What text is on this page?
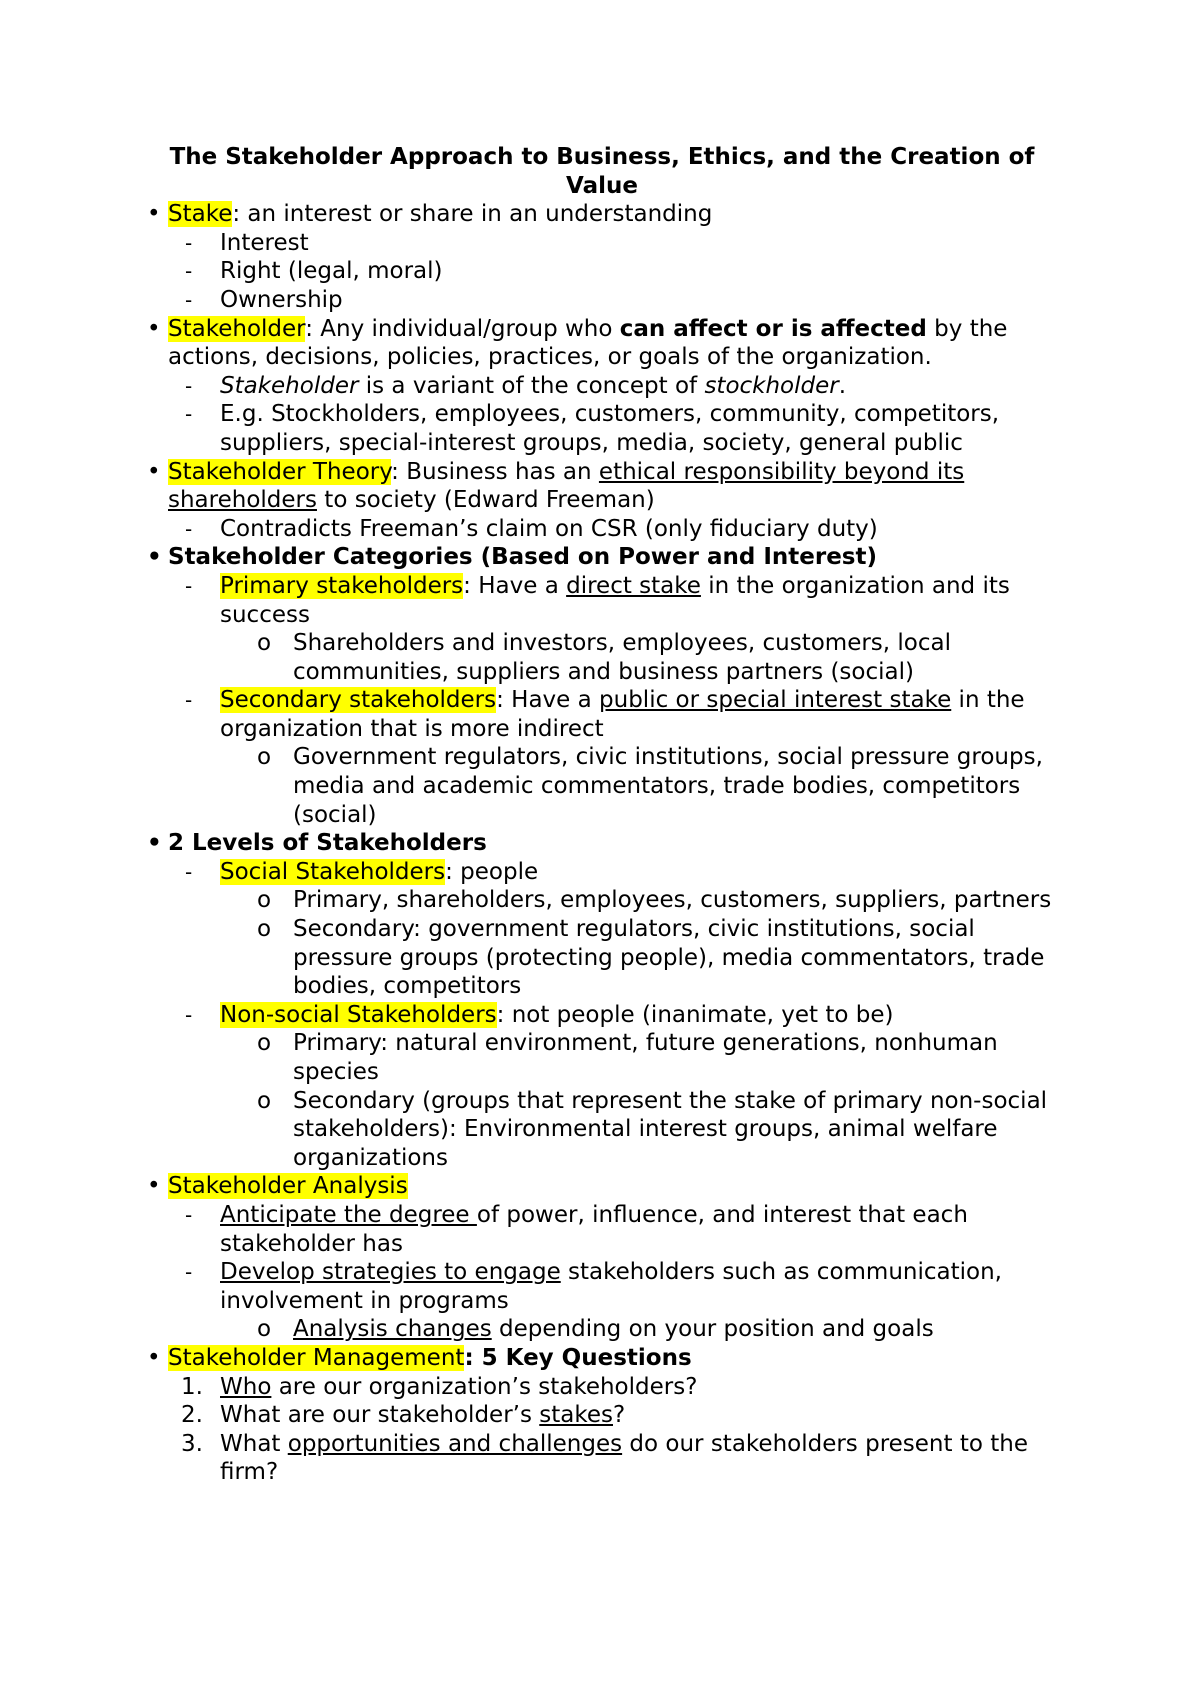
The Stakeholder Approach to Business, Ethics, and the Creation of Value

• Stake: an interest or share in an understanding

- Interest

- Right (legal, moral)

- Ownership

• Stakeholder: Any individual/group who can affect or is affected by the actions, decisions, policies, practices, or goals of the organization.

- Stakeholder is a variant of the concept of stockholder.

- E.g. Stockholders, employees, customers, community, competitors, suppliers, special-interest groups, media, society, general public

• Stakeholder Theory: Business has an ethical responsibility beyond its shareholders to society (Edward Freeman)

- Contradicts Freeman’s claim on CSR (only fiduciary duty)

• Stakeholder Categories (Based on Power and Interest)

- Primary stakeholders: Have a direct stake in the organization and its success

o Shareholders and investors, employees, customers, local communities, suppliers and business partners (social)

- Secondary stakeholders: Have a public or special interest stake in the organization that is more indirect

o Government regulators, civic institutions, social pressure groups, media and academic commentators, trade bodies, competitors (social)

• 2 Levels of Stakeholders

- Social Stakeholders: people

o Primary, shareholders, employees, customers, suppliers, partners

o Secondary: government regulators, civic institutions, social pressure groups (protecting people), media commentators, trade bodies, competitors

- Non-social Stakeholders: not people (inanimate, yet to be)

o Primary: natural environment, future generations, nonhuman species

o Secondary (groups that represent the stake of primary non-social stakeholders): Environmental interest groups, animal welfare organizations

• Stakeholder Analysis

- Anticipate the degree of power, influence, and interest that each stakeholder has

- Develop strategies to engage stakeholders such as communication, involvement in programs

o Analysis changes depending on your position and goals

• Stakeholder Management: 5 Key Questions

1. Who are our organization’s stakeholders?

2. What are our stakeholder’s stakes?

3. What opportunities and challenges do our stakeholders present to the firm?
